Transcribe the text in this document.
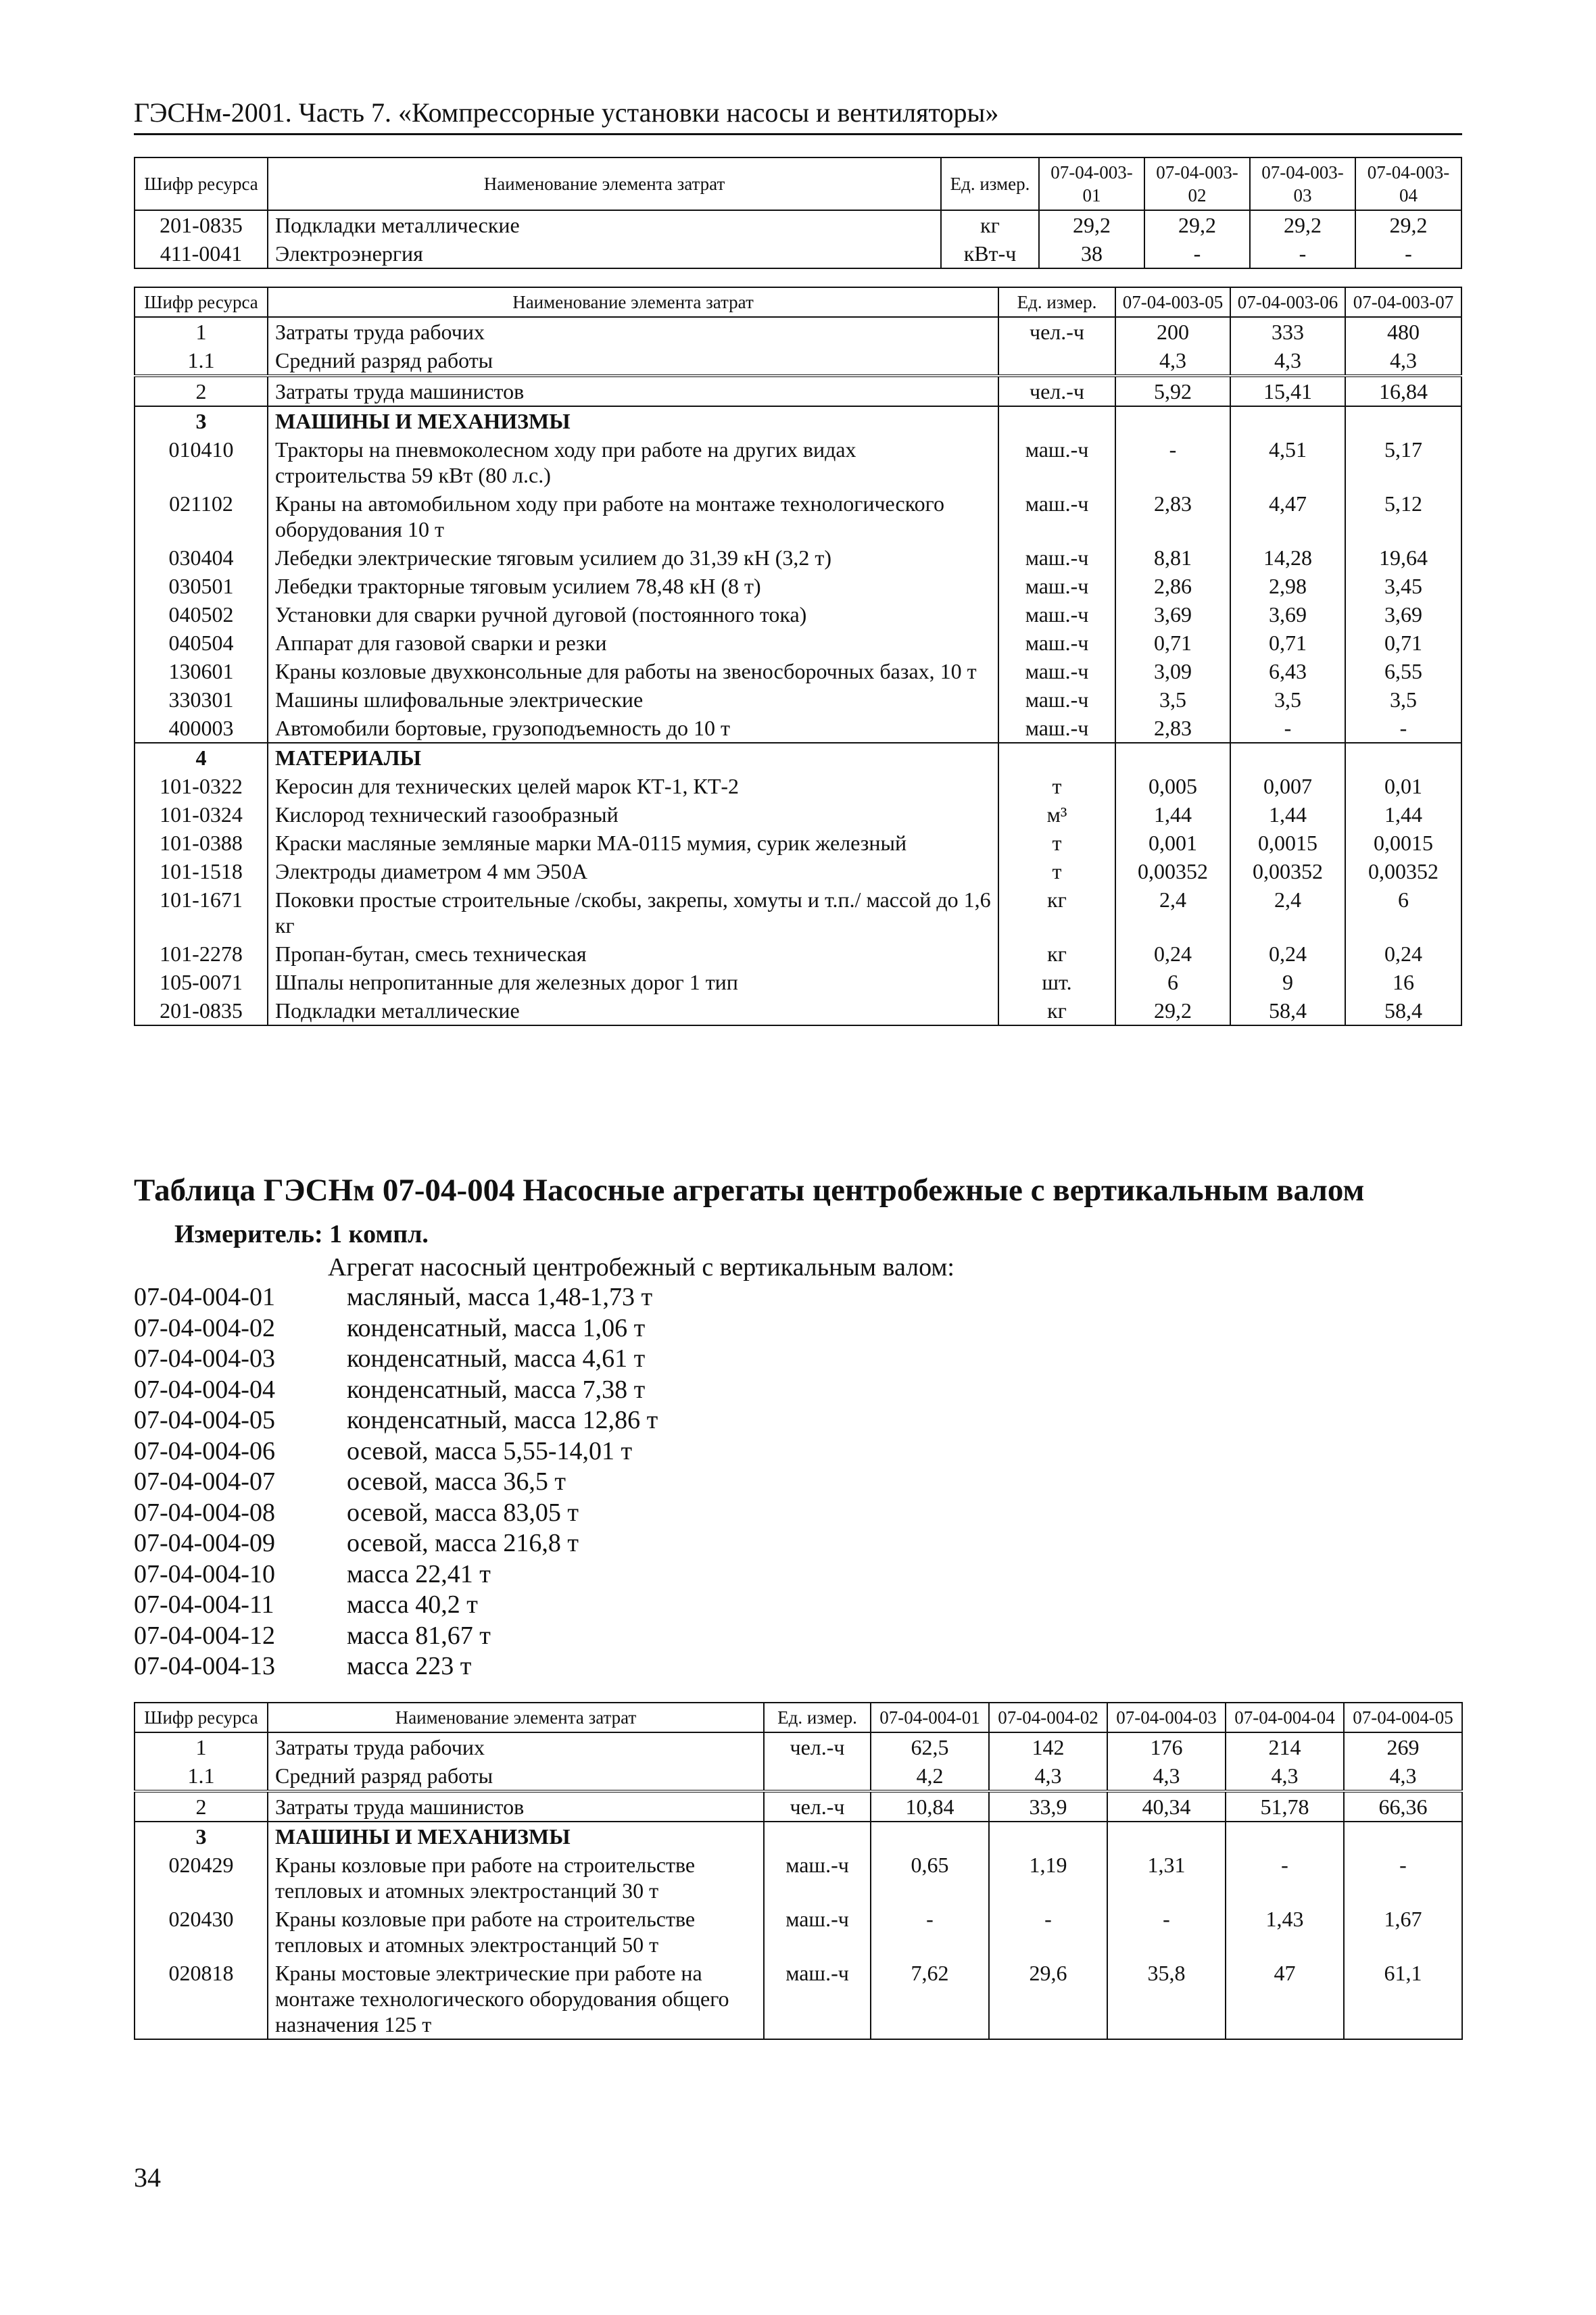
ГЭСНм-2001. Часть 7. «Компрессорные установки насосы и вентиляторы»
Шифр ресурса	Наименование элемента затрат	Ед. измер.	07-04-003-01	07-04-003-02	07-04-003-03	07-04-003-04
201-0835	Подкладки металлические	кг	29,2	29,2	29,2	29,2
411-0041	Электроэнергия	кВт-ч	38	-	-	-
Шифр ресурса	Наименование элемента затрат	Ед. измер.	07-04-003-05	07-04-003-06	07-04-003-07
1	Затраты труда рабочих	чел.-ч	200	333	480
1.1	Средний разряд работы		4,3	4,3	4,3
2	Затраты труда машинистов	чел.-ч	5,92	15,41	16,84
3	МАШИНЫ И МЕХАНИЗМЫ				
010410	Тракторы на пневмоколесном ходу при работе на других видах строительства 59 кВт (80 л.с.)	маш.-ч	-	4,51	5,17
021102	Краны на автомобильном ходу при работе на монтаже технологического оборудования 10 т	маш.-ч	2,83	4,47	5,12
030404	Лебедки электрические тяговым усилием до 31,39 кН (3,2 т)	маш.-ч	8,81	14,28	19,64
030501	Лебедки тракторные тяговым усилием 78,48 кН (8 т)	маш.-ч	2,86	2,98	3,45
040502	Установки для сварки ручной дуговой (постоянного тока)	маш.-ч	3,69	3,69	3,69
040504	Аппарат для газовой сварки и резки	маш.-ч	0,71	0,71	0,71
130601	Краны козловые двухконсольные для работы на звеносборочных базах, 10 т	маш.-ч	3,09	6,43	6,55
330301	Машины шлифовальные электрические	маш.-ч	3,5	3,5	3,5
400003	Автомобили бортовые, грузоподъемность до 10 т	маш.-ч	2,83	-	-
4	МАТЕРИАЛЫ				
101-0322	Керосин для технических целей марок КТ-1, КТ-2	т	0,005	0,007	0,01
101-0324	Кислород технический газообразный	м³	1,44	1,44	1,44
101-0388	Краски масляные земляные марки МА-0115 мумия, сурик железный	т	0,001	0,0015	0,0015
101-1518	Электроды диаметром 4 мм Э50А	т	0,00352	0,00352	0,00352
101-1671	Поковки простые строительные /скобы, закрепы, хомуты и т.п./ массой до 1,6 кг	кг	2,4	2,4	6
101-2278	Пропан-бутан, смесь техническая	кг	0,24	0,24	0,24
105-0071	Шпалы непропитанные для железных дорог 1 тип	шт.	6	9	16
201-0835	Подкладки металлические	кг	29,2	58,4	58,4
Таблица ГЭСНм 07-04-004 Насосные агрегаты центробежные с вертикальным валом
Измеритель: 1 компл.
Агрегат насосный центробежный с вертикальным валом:
07-04-004-01	масляный, масса 1,48-1,73 т
07-04-004-02	конденсатный, масса 1,06 т
07-04-004-03	конденсатный, масса 4,61 т
07-04-004-04	конденсатный, масса 7,38 т
07-04-004-05	конденсатный, масса 12,86 т
07-04-004-06	осевой, масса 5,55-14,01 т
07-04-004-07	осевой, масса 36,5 т
07-04-004-08	осевой, масса 83,05 т
07-04-004-09	осевой, масса 216,8 т
07-04-004-10	масса 22,41 т
07-04-004-11	масса 40,2 т
07-04-004-12	масса 81,67 т
07-04-004-13	масса 223 т
Шифр ресурса	Наименование элемента затрат	Ед. измер.	07-04-004-01	07-04-004-02	07-04-004-03	07-04-004-04	07-04-004-05
1	Затраты труда рабочих	чел.-ч	62,5	142	176	214	269
1.1	Средний разряд работы		4,2	4,3	4,3	4,3	4,3
2	Затраты труда машинистов	чел.-ч	10,84	33,9	40,34	51,78	66,36
3	МАШИНЫ И МЕХАНИЗМЫ						
020429	Краны козловые при работе на строительстве тепловых и атомных электростанций 30 т	маш.-ч	0,65	1,19	1,31	-	-
020430	Краны козловые при работе на строительстве тепловых и атомных электростанций 50 т	маш.-ч	-	-	-	1,43	1,67
020818	Краны мостовые электрические при работе на монтаже технологического оборудования общего назначения 125 т	маш.-ч	7,62	29,6	35,8	47	61,1
34
